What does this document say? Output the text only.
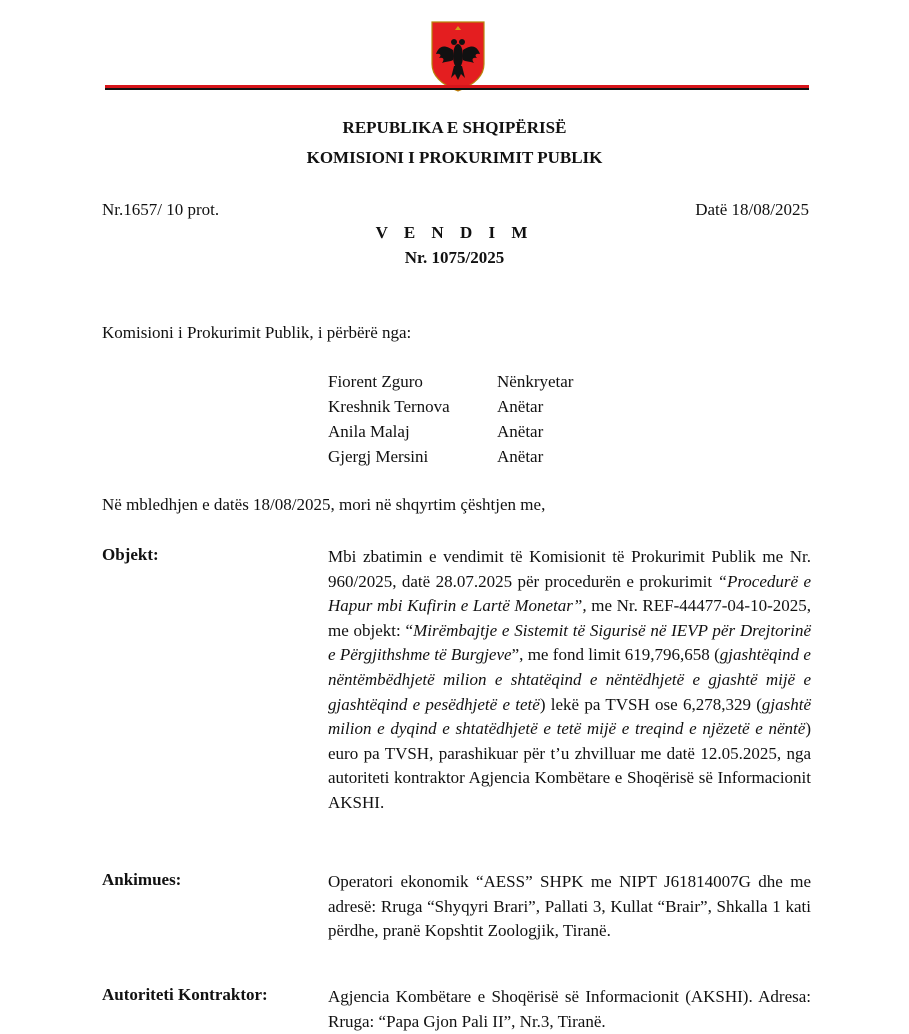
REPUBLIKA E SHQIPËRISË
KOMISIONI I PROKURIMIT PUBLIK
Nr.1657/ 10 prot.	Datë 18/08/2025
V E N D I M
Nr. 1075/2025
Komisioni i Prokurimit Publik, i përbërë nga:
Fiorent Zguro	Nënkryetar
Kreshnik Ternova	Anëtar
Anila Malaj	Anëtar
Gjergj Mersini	Anëtar
Në mbledhjen e datës 18/08/2025, mori në shqyrtim çështjen me,
Objekt:	Mbi zbatimin e vendimit të Komisionit të Prokurimit Publik me Nr. 960/2025, datë 28.07.2025 për procedurën e prokurimit “Procedurë e Hapur mbi Kufirin e Lartë Monetar”, me Nr. REF-44477-04-10-2025, me objekt: “Mirëmbajtje e Sistemit të Sigurisë në IEVP për Drejtorinë e Përgjithshme të Burgjeve”, me fond limit 619,796,658 (gjashtëqind e nëntëmbëdhjetë milion e shtatëqind e nëntëdhjetë e gjashtë mijë e gjashtëqind e pesëdhjetë e tetë) lekë pa TVSH ose 6,278,329 (gjashtë milion e dyqind e shtatëdhjetë e tetë mijë e treqind e njëzetë e nëntë) euro pa TVSH, parashikuar për t’u zhvilluar me datë 12.05.2025, nga autoriteti kontraktor Agjencia Kombëtare e Shoqërisë së Informacionit AKSHI.

Ankimues:	Operatori ekonomik “AESS” SHPK me NIPT J61814007G dhe me adresë: Rruga “Shyqyri Brari”, Pallati 3, Kullat “Brair”, Shkalla 1 kati përdhe, pranë Kopshtit Zoologjik, Tiranë.
Autoriteti Kontraktor:	Agjencia Kombëtare e Shoqërisë së Informacionit (AKSHI). Adresa: Rruga: “Papa Gjon Pali II”, Nr.3, Tiranë.
